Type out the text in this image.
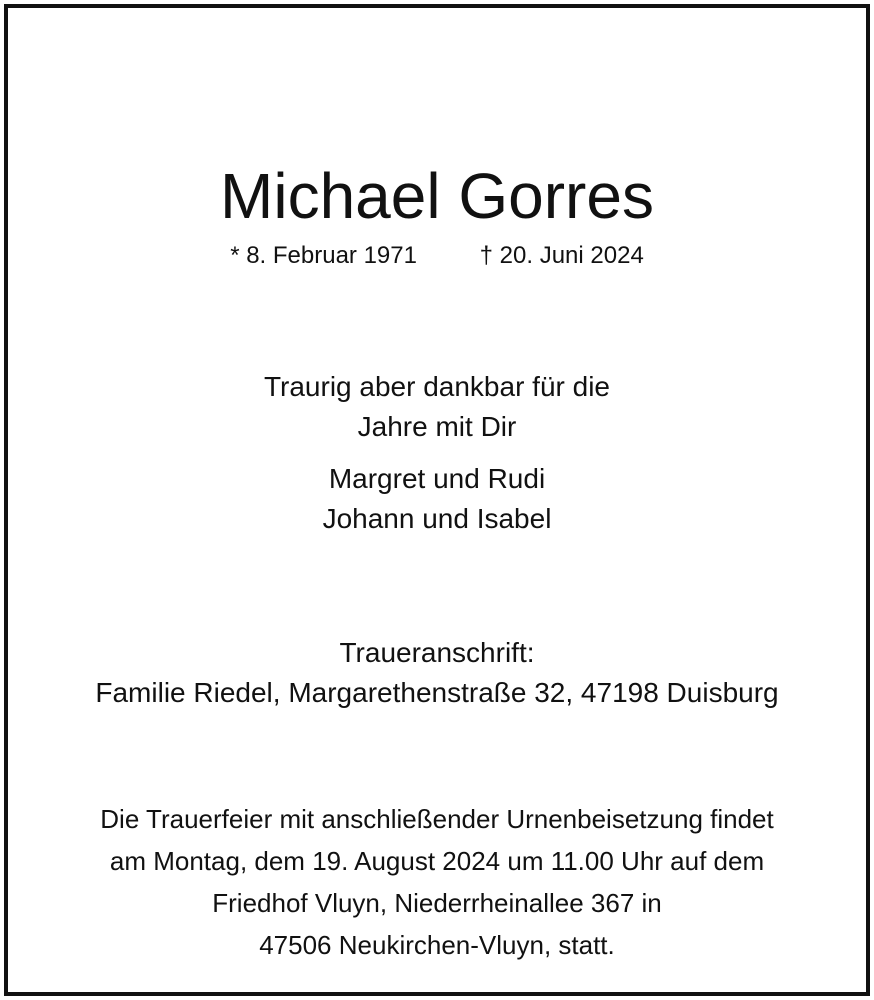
Michael Gorres
* 8. Februar 1971	† 20. Juni 2024
Traurig aber dankbar für die
Jahre mit Dir
Margret und Rudi
Johann und Isabel
Traueranschrift:
Familie Riedel, Margarethenstraße 32, 47198 Duisburg
Die Trauerfeier mit anschließender Urnenbeisetzung findet
am Montag, dem 19. August 2024 um 11.00 Uhr auf dem
Friedhof Vluyn, Niederrheinallee 367 in
47506 Neukirchen-Vluyn, statt.
